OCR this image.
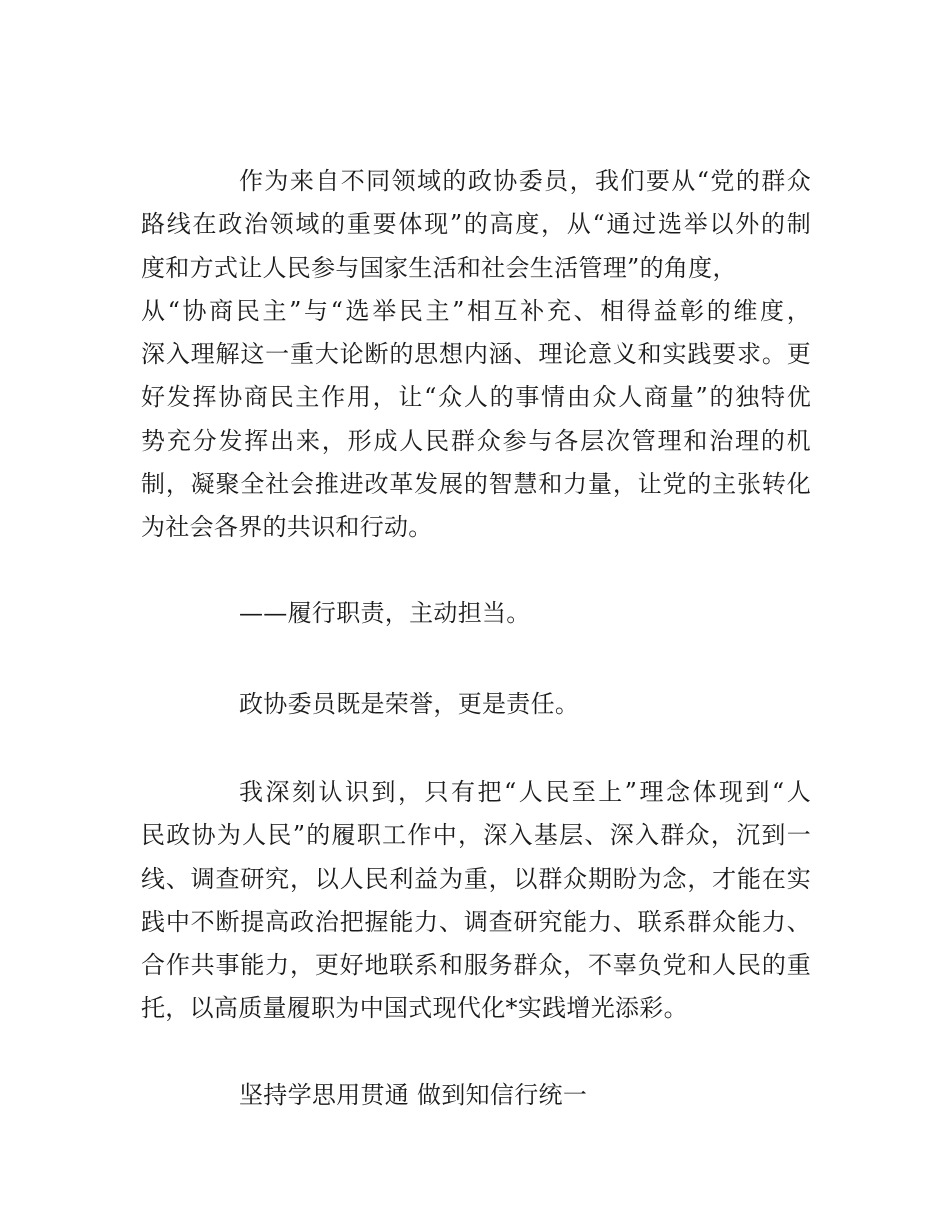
作为来自不同领域的政协委员，我们要从“党的群众
路线在政治领域的重要体现”的高度，从“通过选举以外的制
度和方式让人民参与国家生活和社会生活管理”的角度，
从“协商民主”与“选举民主”相互补充、相得益彰的维度，
深入理解这一重大论断的思想内涵、理论意义和实践要求。更
好发挥协商民主作用，让“众人的事情由众人商量”的独特优
势充分发挥出来，形成人民群众参与各层次管理和治理的机
制，凝聚全社会推进改革发展的智慧和力量，让党的主张转化
为社会各界的共识和行动。

——履行职责，主动担当。

政协委员既是荣誉，更是责任。

我深刻认识到，只有把“人民至上”理念体现到“人
民政协为人民”的履职工作中，深入基层、深入群众，沉到一
线、调查研究，以人民利益为重，以群众期盼为念，才能在实
践中不断提高政治把握能力、调查研究能力、联系群众能力、
合作共事能力，更好地联系和服务群众，不辜负党和人民的重
托，以高质量履职为中国式现代化*实践增光添彩。

坚持学思用贯通 做到知信行统一
